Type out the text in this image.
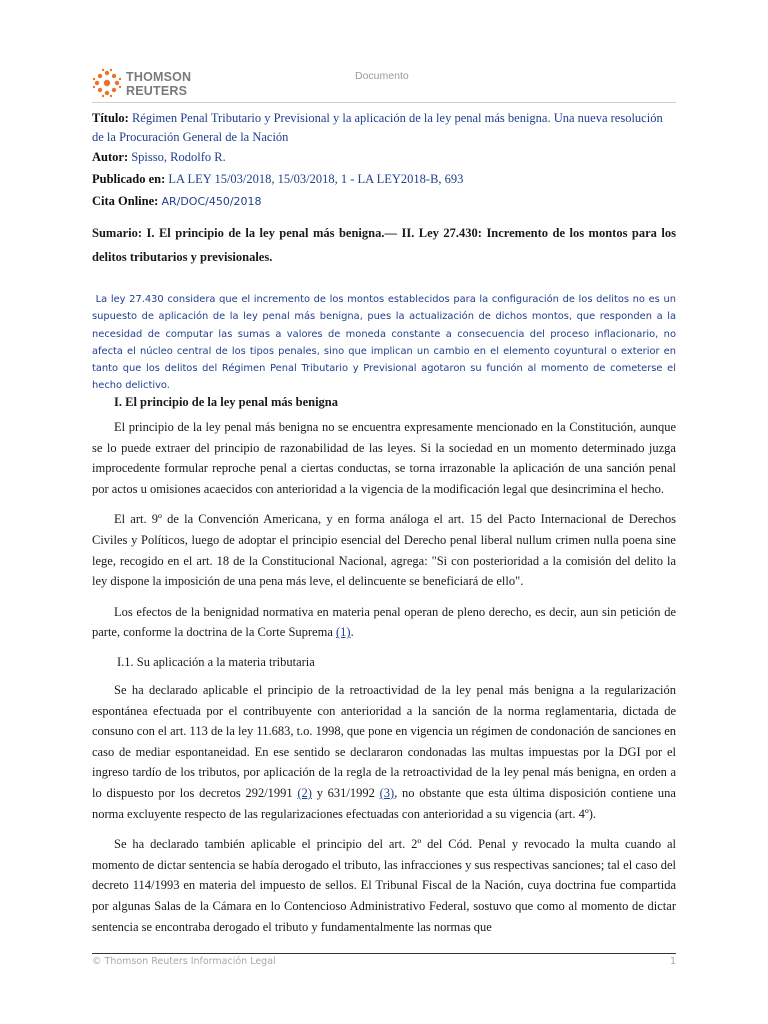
THOMSON
REUTERS
Documento
Título: Régimen Penal Tributario y Previsional y la aplicación de la ley penal más benigna. Una nueva resolución de la Procuración General de la Nación
Autor: Spisso, Rodolfo R.
Publicado en: LA LEY 15/03/2018, 15/03/2018, 1 - LA LEY2018-B, 693
Cita Online: AR/DOC/450/2018
Sumario: I. El principio de la ley penal más benigna.— II. Ley 27.430: Incremento de los montos para los delitos tributarios y previsionales.
La ley 27.430 considera que el incremento de los montos establecidos para la configuración de los delitos no es un supuesto de aplicación de la ley penal más benigna, pues la actualización de dichos montos, que responden a la necesidad de computar las sumas a valores de moneda constante a consecuencia del proceso inflacionario, no afecta el núcleo central de los tipos penales, sino que implican un cambio en el elemento coyuntural o exterior en tanto que los delitos del Régimen Penal Tributario y Previsional agotaron su función al momento de cometerse el hecho delictivo.
I. El principio de la ley penal más benigna

El principio de la ley penal más benigna no se encuentra expresamente mencionado en la Constitución, aunque se lo puede extraer del principio de razonabilidad de las leyes. Si la sociedad en un momento determinado juzga improcedente formular reproche penal a ciertas conductas, se torna irrazonable la aplicación de una sanción penal por actos u omisiones acaecidos con anterioridad a la vigencia de la modificación legal que desincrimina el hecho.

El art. 9º de la Convención Americana, y en forma análoga el art. 15 del Pacto Internacional de Derechos Civiles y Políticos, luego de adoptar el principio esencial del Derecho penal liberal nullum crimen nulla poena sine lege, recogido en el art. 18 de la Constitucional Nacional, agrega: "Si con posterioridad a la comisión del delito la ley dispone la imposición de una pena más leve, el delincuente se beneficiará de ello".

Los efectos de la benignidad normativa en materia penal operan de pleno derecho, es decir, aun sin petición de parte, conforme la doctrina de la Corte Suprema (1).

I.1. Su aplicación a la materia tributaria

Se ha declarado aplicable el principio de la retroactividad de la ley penal más benigna a la regularización espontánea efectuada por el contribuyente con anterioridad a la sanción de la norma reglamentaria, dictada de consuno con el art. 113 de la ley 11.683, t.o. 1998, que pone en vigencia un régimen de condonación de sanciones en caso de mediar espontaneidad. En ese sentido se declararon condonadas las multas impuestas por la DGI por el ingreso tardío de los tributos, por aplicación de la regla de la retroactividad de la ley penal más benigna, en orden a lo dispuesto por los decretos 292/1991 (2) y 631/1992 (3), no obstante que esta última disposición contiene una norma excluyente respecto de las regularizaciones efectuadas con anterioridad a su vigencia (art. 4º).

Se ha declarado también aplicable el principio del art. 2º del Cód. Penal y revocado la multa cuando al momento de dictar sentencia se había derogado el tributo, las infracciones y sus respectivas sanciones; tal el caso del decreto 114/1993 en materia del impuesto de sellos. El Tribunal Fiscal de la Nación, cuya doctrina fue compartida por algunas Salas de la Cámara en lo Contencioso Administrativo Federal, sostuvo que como al momento de dictar sentencia se encontraba derogado el tributo y fundamentalmente las normas que

© Thomson Reuters Información Legal	1
